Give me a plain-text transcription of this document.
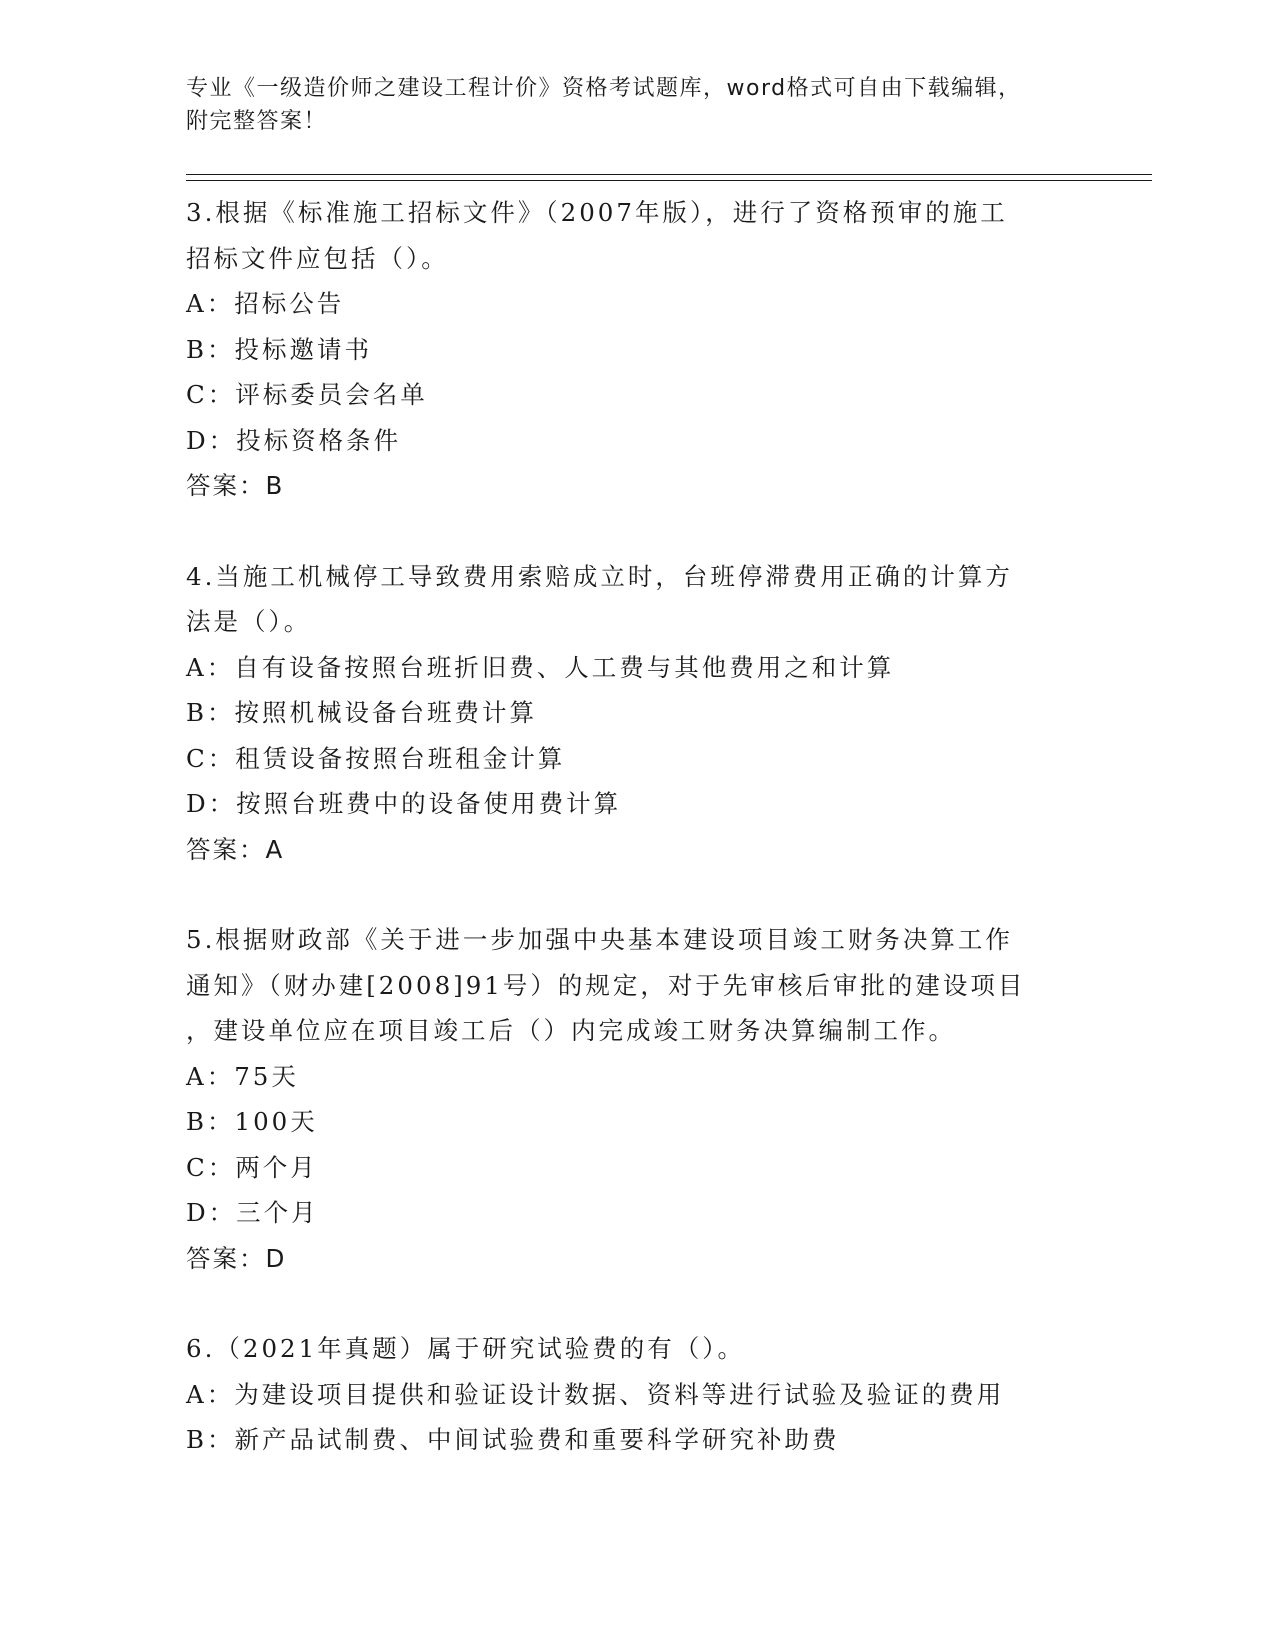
专业《一级造价师之建设工程计价》资格考试题库，word格式可自由下载编辑，
附完整答案！
3.根据《标准施工招标文件》（2007年版），进行了资格预审的施工
招标文件应包括（）。
A：招标公告
B：投标邀请书
C：评标委员会名单
D：投标资格条件
答案：B
4.当施工机械停工导致费用索赔成立时，台班停滞费用正确的计算方
法是（）。
A：自有设备按照台班折旧费、人工费与其他费用之和计算
B：按照机械设备台班费计算
C：租赁设备按照台班租金计算
D：按照台班费中的设备使用费计算
答案：A
5.根据财政部《关于进一步加强中央基本建设项目竣工财务决算工作
通知》（财办建[2008]91号）的规定，对于先审核后审批的建设项目
，建设单位应在项目竣工后（）内完成竣工财务决算编制工作。
A：75天
B：100天
C：两个月
D：三个月
答案：D
6.（2021年真题）属于研究试验费的有（）。
A：为建设项目提供和验证设计数据、资料等进行试验及验证的费用
B：新产品试制费、中间试验费和重要科学研究补助费
